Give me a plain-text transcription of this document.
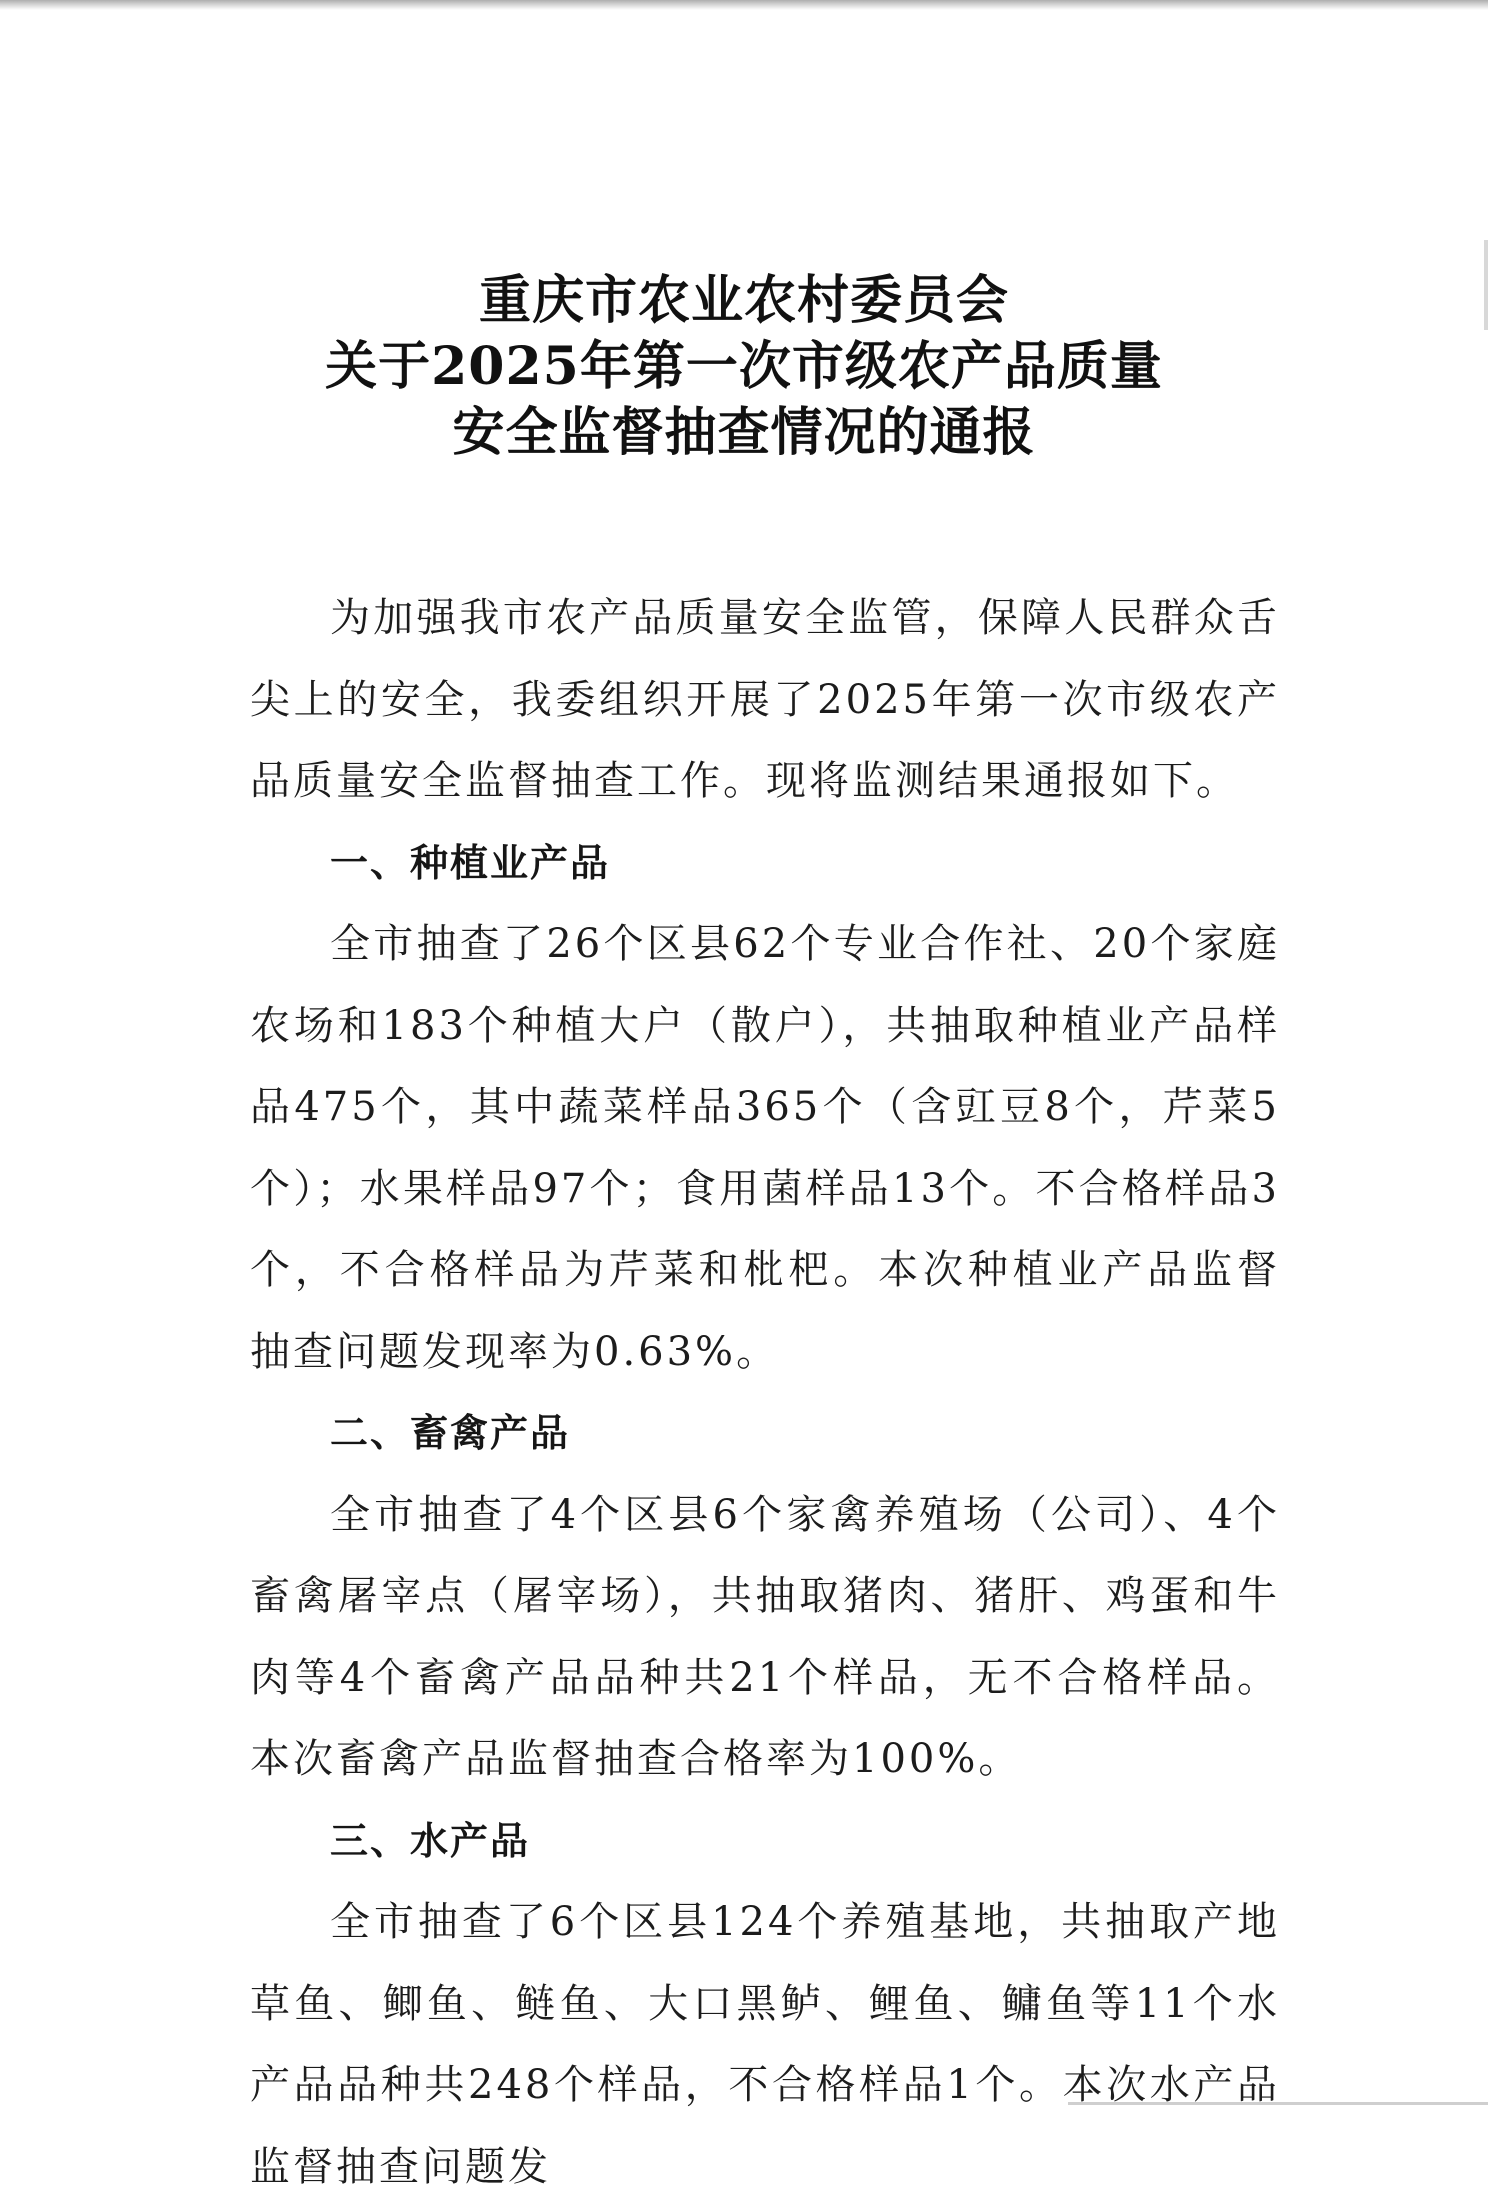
重庆市农业农村委员会
关于2025年第一次市级农产品质量
安全监督抽查情况的通报

为加强我市农产品质量安全监管，保障人民群众舌尖上的安全，我委组织开展了2025年第一次市级农产品质量安全监督抽查工作。现将监测结果通报如下。

一、种植业产品

全市抽查了26个区县62个专业合作社、20个家庭农场和183个种植大户（散户），共抽取种植业产品样品475个，其中蔬菜样品365个（含豇豆8个，芹菜5个）；水果样品97个；食用菌样品13个。不合格样品3个，不合格样品为芹菜和枇杷。本次种植业产品监督抽查问题发现率为0.63%。

二、畜禽产品

全市抽查了4个区县6个家禽养殖场（公司）、4个畜禽屠宰点（屠宰场），共抽取猪肉、猪肝、鸡蛋和牛肉等4个畜禽产品品种共21个样品，无不合格样品。本次畜禽产品监督抽查合格率为100%。

三、水产品

全市抽查了6个区县124个养殖基地，共抽取产地草鱼、鲫鱼、鲢鱼、大口黑鲈、鲤鱼、鳙鱼等11个水产品品种共248个样品，不合格样品1个。本次水产品监督抽查问题发
